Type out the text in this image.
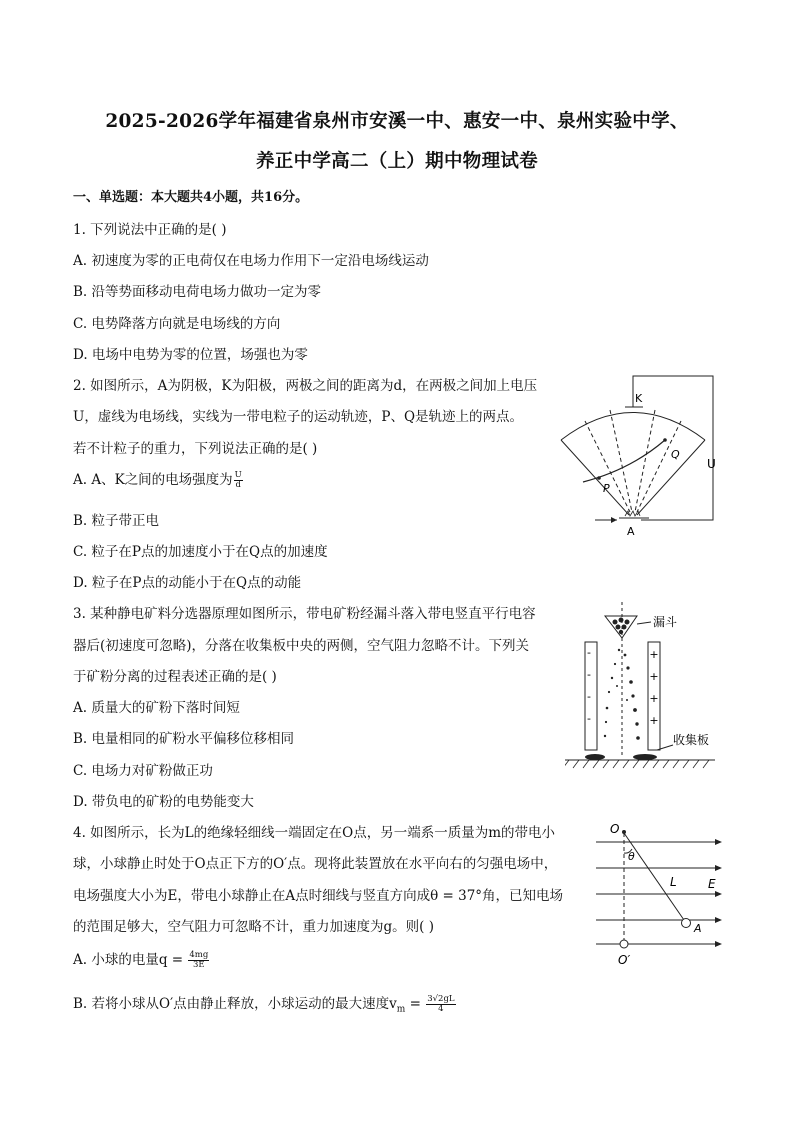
2025-2026学年福建省泉州市安溪一中、惠安一中、泉州实验中学、
养正中学高二（上）期中物理试卷
一、单选题：本大题共4小题，共16分。
1. 下列说法中正确的是( )
A. 初速度为零的正电荷仅在电场力作用下一定沿电场线运动
B. 沿等势面移动电荷电场力做功一定为零
C. 电势降落方向就是电场线的方向
D. 电场中电势为零的位置，场强也为零
2. 如图所示，A为阴极，K为阳极，两极之间的距离为d，在两极之间加上电压
U，虚线为电场线，实线为一带电粒子的运动轨迹，P、Q是轨迹上的两点。
若不计粒子的重力，下列说法正确的是( )
A. A、K之间的电场强度为 $\frac{U}{d}$
B. 粒子带正电
C. 粒子在P点的加速度小于在Q点的加速度
D. 粒子在P点的动能小于在Q点的动能
K
Q
P
U
A
3. 某种静电矿料分选器原理如图所示，带电矿粉经漏斗落入带电竖直平行电容
器后(初速度可忽略)，分落在收集板中央的两侧，空气阻力忽略不计。下列关
于矿粉分离的过程表述正确的是( )
A. 质量大的矿粉下落时间短
B. 电量相同的矿粉水平偏移位移相同
C. 电场力对矿粉做正功
D. 带负电的矿粉的电势能变大
-
-
-
-
+
+
+
+
漏斗
收集板
4. 如图所示，长为L的绝缘轻细线一端固定在O点，另一端系一质量为m的带电小
球，小球静止时处于O点正下方的O′点。现将此装置放在水平向右的匀强电场中，
电场强度大小为E，带电小球静止在A点时细线与竖直方向成θ = 37°角，已知电场
的范围足够大，空气阻力可忽略不计，重力加速度为g。则( )
A. 小球的电量$q = \frac{4mg}{3E}$
B. 若将小球从O′点由静止释放，小球运动的最大速度$v_m = \frac{3√2gL}{4}$
O
θ
L	E
A
O′
